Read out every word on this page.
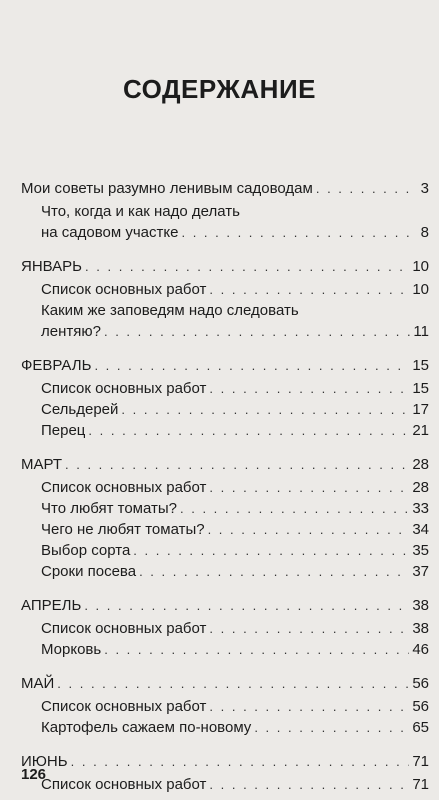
СОДЕРЖАНИЕ
Мои советы разумно ленивым садоводам . . .	3
Что, когда и как надо делать
на садовом участке . . .	8
ЯНВАРЬ . . .	10
Список основных работ . . .	10
Каким же заповедям надо следовать
лентяю? . . .	11
ФЕВРАЛЬ . . .	15
Список основных работ . . .	15
Сельдерей . . .	17
Перец . . .	21
МАРТ . . .	28
Список основных работ . . .	28
Что любят томаты? . . .	33
Чего не любят томаты? . . .	34
Выбор сорта . . .	35
Сроки посева . . .	37
АПРЕЛЬ . . .	38
Список основных работ . . .	38
Морковь . . .	46
МАЙ . . .	56
Список основных работ . . .	56
Картофель сажаем по-новому . . .	65
ИЮНЬ . . .	71
Список основных работ . . .	71
126
